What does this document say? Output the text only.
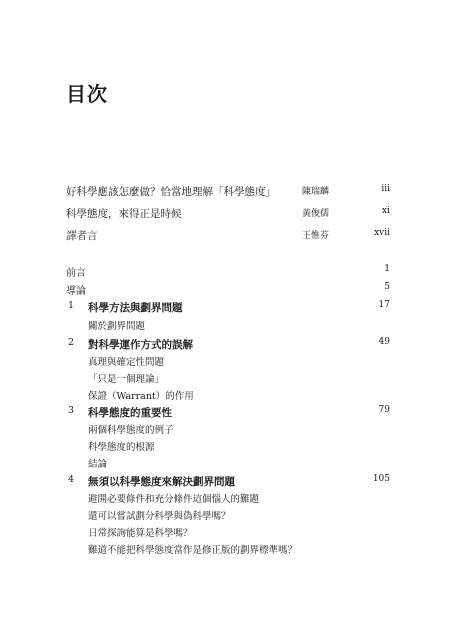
目次
好科學應該怎麼做？恰當地理解「科學態度」	陳瑞麟	iii
科學態度，來得正是時候	黃俊儒	xi
譯者言	王惟芬	xvii
前言	1
導論	5
1 科學方法與劃界問題	17
關於劃界問題
2 對科學運作方式的誤解	49
真理與確定性問題
「只是一個理論」
保證（Warrant）的作用
3 科學態度的重要性	79
兩個科學態度的例子
科學態度的根源
結論
4 無須以科學態度來解決劃界問題	105
避開必要條件和充分條件這個惱人的難題
還可以嘗試劃分科學與偽科學嗎？
日常探詢能算是科學嗎？
難道不能把科學態度當作是修正版的劃界標準嗎？
